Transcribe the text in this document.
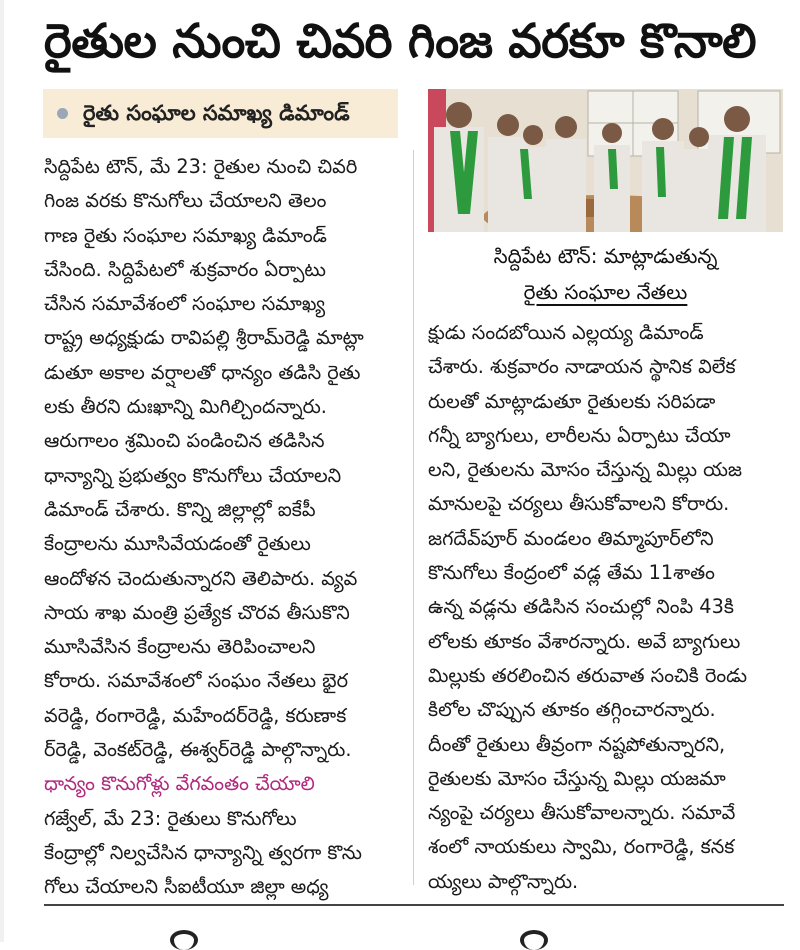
రైతుల నుంచి చివరి గింజ వరకూ కొనాలి
రైతు సంఘాల సమాఖ్య డిమాండ్

సిద్దిపేట టౌన్, మే 23: రైతుల నుంచి చివరి

గింజ వరకు కొనుగోలు చేయాలని తెలం

గాణ రైతు సంఘాల సమాఖ్య డిమాండ్

చేసింది. సిద్దిపేటలో శుక్రవారం ఏర్పాటు

చేసిన సమావేశంలో సంఘాల సమాఖ్య

రాష్ట్ర అధ్యక్షుడు రావిపల్లి శ్రీరామ్‌రెడ్డి మాట్లా

డుతూ అకాల వర్షాలతో ధాన్యం తడిసి రైతు

లకు తీరని దుఃఖాన్ని మిగిల్చిందన్నారు.

ఆరుగాలం శ్రమించి పండించిన తడిసిన

ధాన్యాన్ని ప్రభుత్వం కొనుగోలు చేయాలని

డిమాండ్ చేశారు. కొన్ని జిల్లాల్లో ఐకేపీ

కేంద్రాలను మూసివేయడంతో రైతులు

ఆందోళన చెందుతున్నారని తెలిపారు. వ్యవ

సాయ శాఖ మంత్రి ప్రత్యేక చొరవ తీసుకొని

మూసివేసిన కేంద్రాలను తెరిపించాలని

కోరారు. సమావేశంలో సంఘం నేతలు భైర

వరెడ్డి, రంగారెడ్డి, మహేందర్‌రెడ్డి, కరుణాక

ర్‌రెడ్డి, వెంకట్‌రెడ్డి, ఈశ్వర్‌రెడ్డి పాల్గొన్నారు.

ధాన్యం కొనుగోళ్లు వేగవంతం చేయాలి

గజ్వేల్, మే 23: రైతులు కొనుగోలు

కేంద్రాల్లో నిల్వచేసిన ధాన్యాన్ని త్వరగా కొను

గోలు చేయాలని సీఐటీయూ జిల్లా అధ్య

సిద్దిపేట టౌన్: మాట్లాడుతున్న

రైతు సంఘాల నేతలు

క్షుడు సందబోయిన ఎల్లయ్య డిమాండ్

చేశారు. శుక్రవారం నాడాయన స్థానిక విలేక

రులతో మాట్లాడుతూ రైతులకు సరిపడా

గన్నీ బ్యాగులు, లారీలను ఏర్పాటు చేయా

లని, రైతులను మోసం చేస్తున్న మిల్లు యజ

మానులపై చర్యలు తీసుకోవాలని కోరారు.

జగదేవ్‌పూర్ మండలం తిమ్మాపూర్‌లోని

కొనుగోలు కేంద్రంలో వడ్ల తేమ 11శాతం

ఉన్న వడ్లను తడిసిన సంచుల్లో నింపి 43కి

లోలకు తూకం వేశారన్నారు. అవే బ్యాగులు

మిల్లుకు తరలించిన తరువాత సంచికి రెండు

కిలోల చొప్పున తూకం తగ్గించారన్నారు.

దీంతో రైతులు తీవ్రంగా నష్టపోతున్నారని,

రైతులకు మోసం చేస్తున్న మిల్లు యజమా

న్యంపై చర్యలు తీసుకోవాలన్నారు. సమావే

శంలో నాయకులు స్వామి, రంగారెడ్డి, కనక

య్యలు పాల్గొన్నారు.
